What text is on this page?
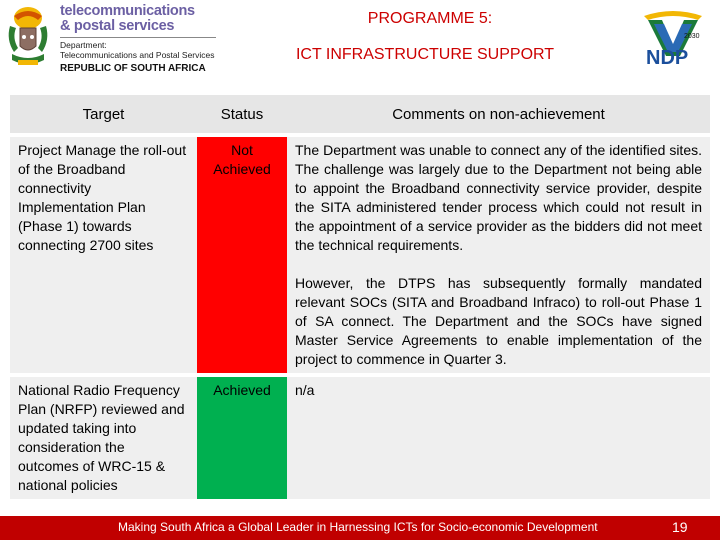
telecommunications
& postal services
Department:
Telecommunications and Postal Services
REPUBLIC OF SOUTH AFRICA
PROGRAMME 5:
ICT INFRASTRUCTURE SUPPORT
2030
NDP
Target	Status	Comments on non-achievement
Project Manage the roll-out of the Broadband connectivity Implementation Plan (Phase 1) towards connecting 2700 sites	Not Achieved	The Department was unable to connect any of the identified sites. The challenge was largely due to the Department not being able to appoint the Broadband connectivity service provider, despite the SITA administered tender process which could not result in the appointment of a service provider as the bidders did not meet the technical requirements.

However, the DTPS has subsequently formally mandated relevant SOCs (SITA and Broadband Infraco) to roll-out Phase 1 of SA connect. The Department and the SOCs have signed Master Service Agreements to enable implementation of the project to commence in Quarter 3.

National Radio Frequency Plan (NRFP) reviewed and updated taking into consideration the outcomes of WRC-15 & national policies	Achieved	n/a

Making South Africa a Global Leader in Harnessing ICTs for Socio-economic Development	19
